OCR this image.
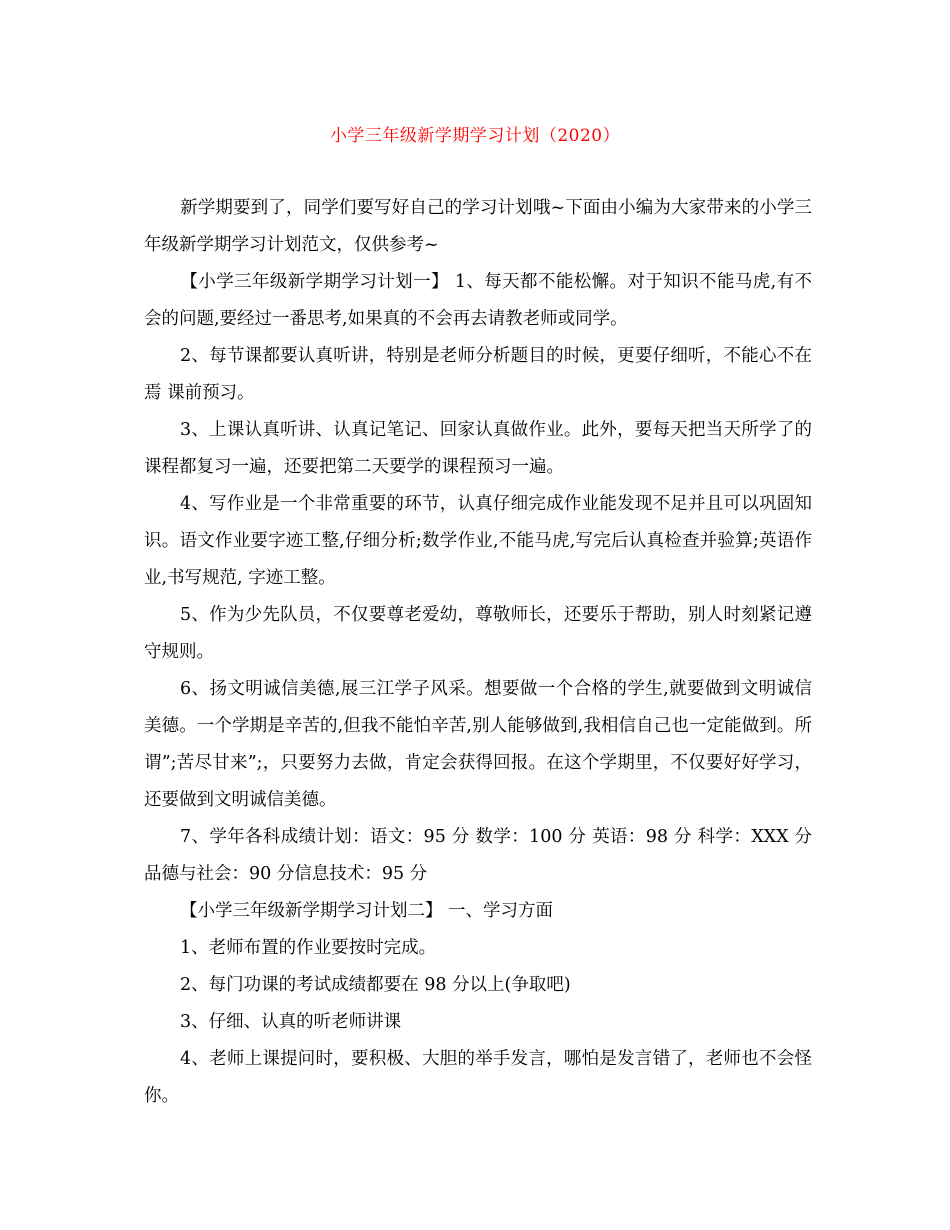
小学三年级新学期学习计划（2020）

新学期要到了，同学们要写好自己的学习计划哦~下面由小编为大家带来的小学三年级新学期学习计划范文，仅供参考~

【小学三年级新学期学习计划一】 1、每天都不能松懈。对于知识不能马虎,有不会的问题,要经过一番思考,如果真的不会再去请教老师或同学。

2、每节课都要认真听讲，特别是老师分析题目的时候，更要仔细听，不能心不在焉 课前预习。

3、上课认真听讲、认真记笔记、回家认真做作业。此外，要每天把当天所学了的课程都复习一遍，还要把第二天要学的课程预习一遍。

4、写作业是一个非常重要的环节，认真仔细完成作业能发现不足并且可以巩固知识。语文作业要字迹工整,仔细分析;数学作业,不能马虎,写完后认真检查并验算;英语作业,书写规范, 字迹工整。

5、作为少先队员，不仅要尊老爱幼，尊敬师长，还要乐于帮助，别人时刻紧记遵守规则。

6、扬文明诚信美德,展三江学子风采。想要做一个合格的学生,就要做到文明诚信美德。一个学期是辛苦的,但我不能怕辛苦,别人能够做到,我相信自己也一定能做到。所谓”;苦尽甘来”;，只要努力去做，肯定会获得回报。在这个学期里，不仅要好好学习，还要做到文明诚信美德。

7、学年各科成绩计划：语文：95 分 数学：100 分 英语：98 分 科学：XXX 分品德与社会：90 分信息技术：95 分

【小学三年级新学期学习计划二】 一、学习方面

1、老师布置的作业要按时完成。

2、每门功课的考试成绩都要在 98 分以上(争取吧)

3、仔细、认真的听老师讲课

4、老师上课提问时，要积极、大胆的举手发言，哪怕是发言错了，老师也不会怪你。
